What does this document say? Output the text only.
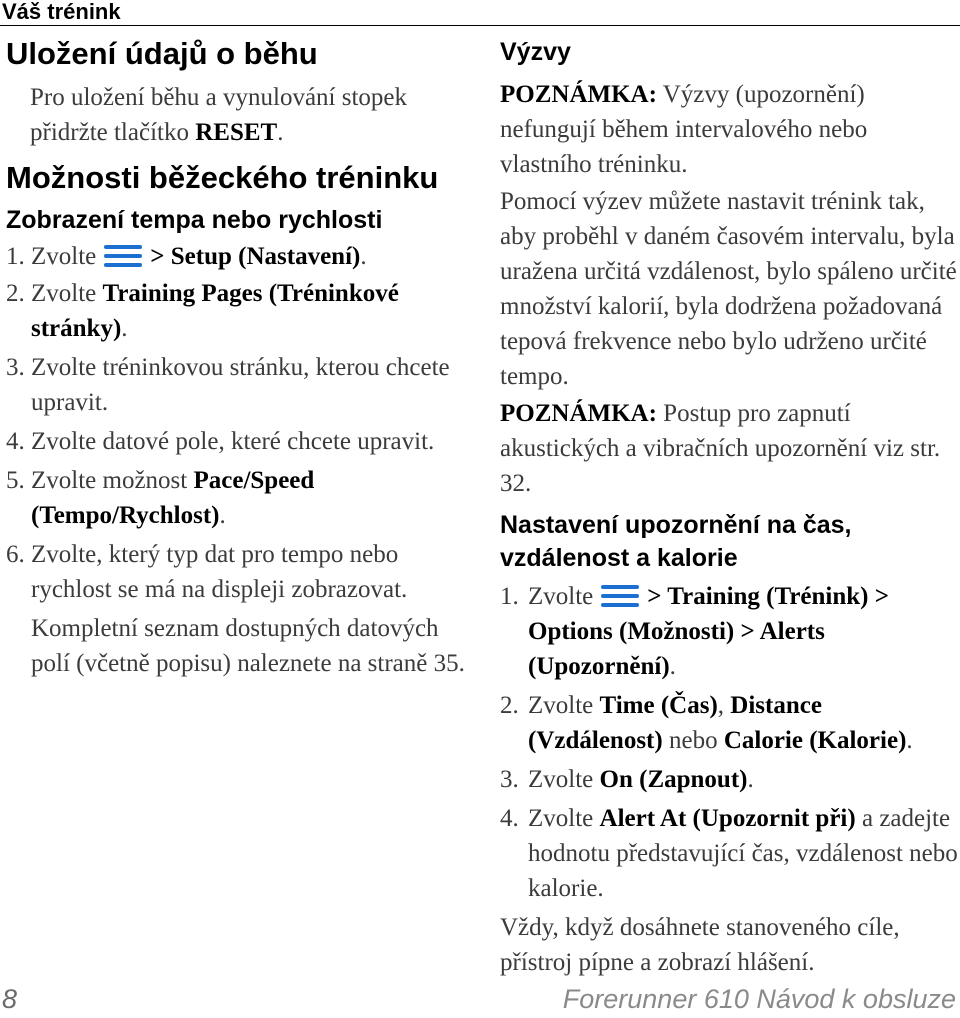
Váš trénink
Uložení údajů o běhu

Pro uložení běhu a vynulování stopek přidržte tlačítko RESET.

Možnosti běžeckého tréninku
Zobrazení tempa nebo rychlosti
1. Zvolte > Setup (Nastavení).
2. Zvolte Training Pages (Tréninkové stránky).
3. Zvolte tréninkovou stránku, kterou chcete upravit.
4. Zvolte datové pole, které chcete upravit.
5. Zvolte možnost Pace/Speed (Tempo/Rychlost).
6. Zvolte, který typ dat pro tempo nebo rychlost se má na displeji zobrazovat.

Kompletní seznam dostupných datových polí (včetně popisu) naleznete na straně 35.

Výzvy

POZNÁMKA: Výzvy (upozornění) nefungují během intervalového nebo vlastního tréninku.

Pomocí výzev můžete nastavit trénink tak, aby proběhl v daném časovém intervalu, byla uražena určitá vzdálenost, bylo spáleno určité množství kalorií, byla dodržena požadovaná tepová frekvence nebo bylo udrženo určité tempo.

POZNÁMKA: Postup pro zapnutí akustických a vibračních upozornění viz str. 32.

Nastavení upozornění na čas, vzdálenost a kalorie
1. Zvolte > Training (Trénink) > Options (Možnosti) > Alerts (Upozornění).
2. Zvolte Time (Čas), Distance (Vzdálenost) nebo Calorie (Kalorie).
3. Zvolte On (Zapnout).
4. Zvolte Alert At (Upozornit při) a zadejte hodnotu představující čas, vzdálenost nebo kalorie.

Vždy, když dosáhnete stanoveného cíle, přístroj pípne a zobrazí hlášení.

8	Forerunner 610 Návod k obsluze
